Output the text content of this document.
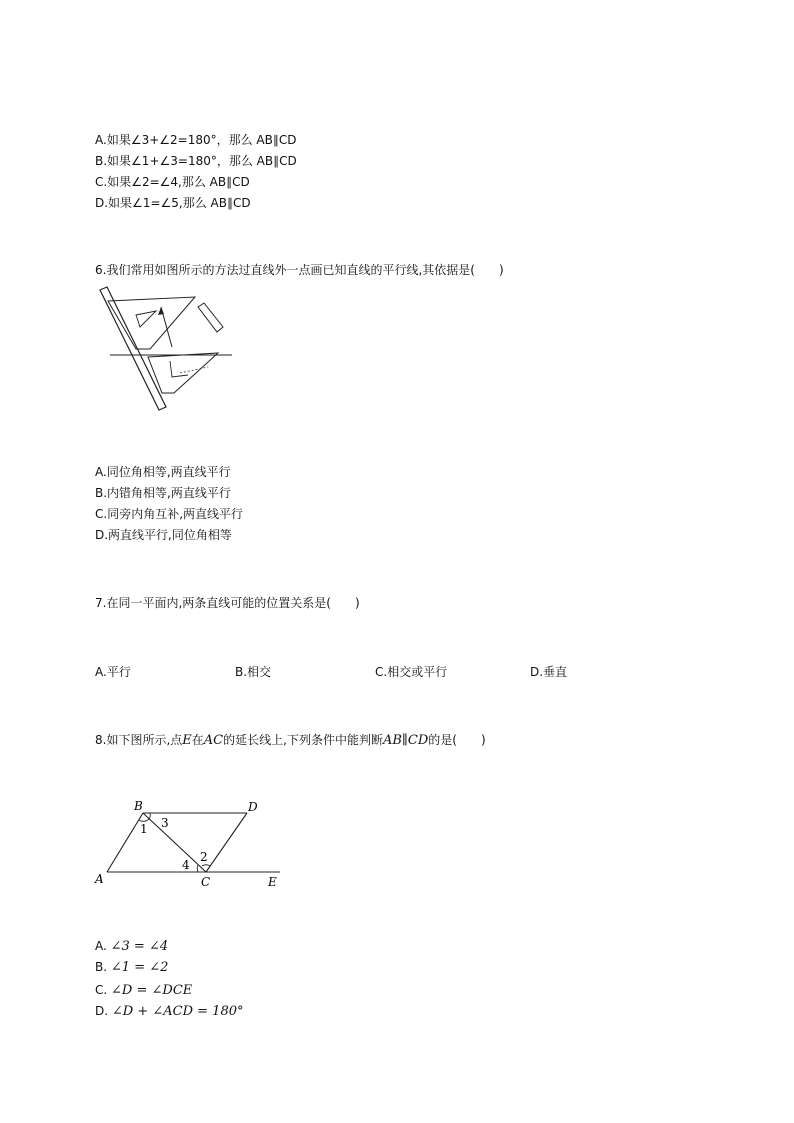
A.如果∠3+∠2=180°，那么 AB∥CD
B.如果∠1+∠3=180°，那么 AB∥CD
C.如果∠2=∠4,那么 AB∥CD
D.如果∠1=∠5,那么 AB∥CD
6.我们常用如图所示的方法过直线外一点画已知直线的平行线,其依据是(　　)
A.同位角相等,两直线平行
B.内错角相等,两直线平行
C.同旁内角互补,两直线平行
D.两直线平行,同位角相等
7.在同一平面内,两条直线可能的位置关系是(　　)
A.平行	B.相交	C.相交或平行	D.垂直
8.如下图所示,点E在AC的延长线上,下列条件中能判断AB∥CD的是(　　)
B	D
A	C	E
1 3
2
4
A. ∠3 = ∠4
B. ∠1 = ∠2
C. ∠D = ∠DCE
D. ∠D + ∠ACD = 180°
